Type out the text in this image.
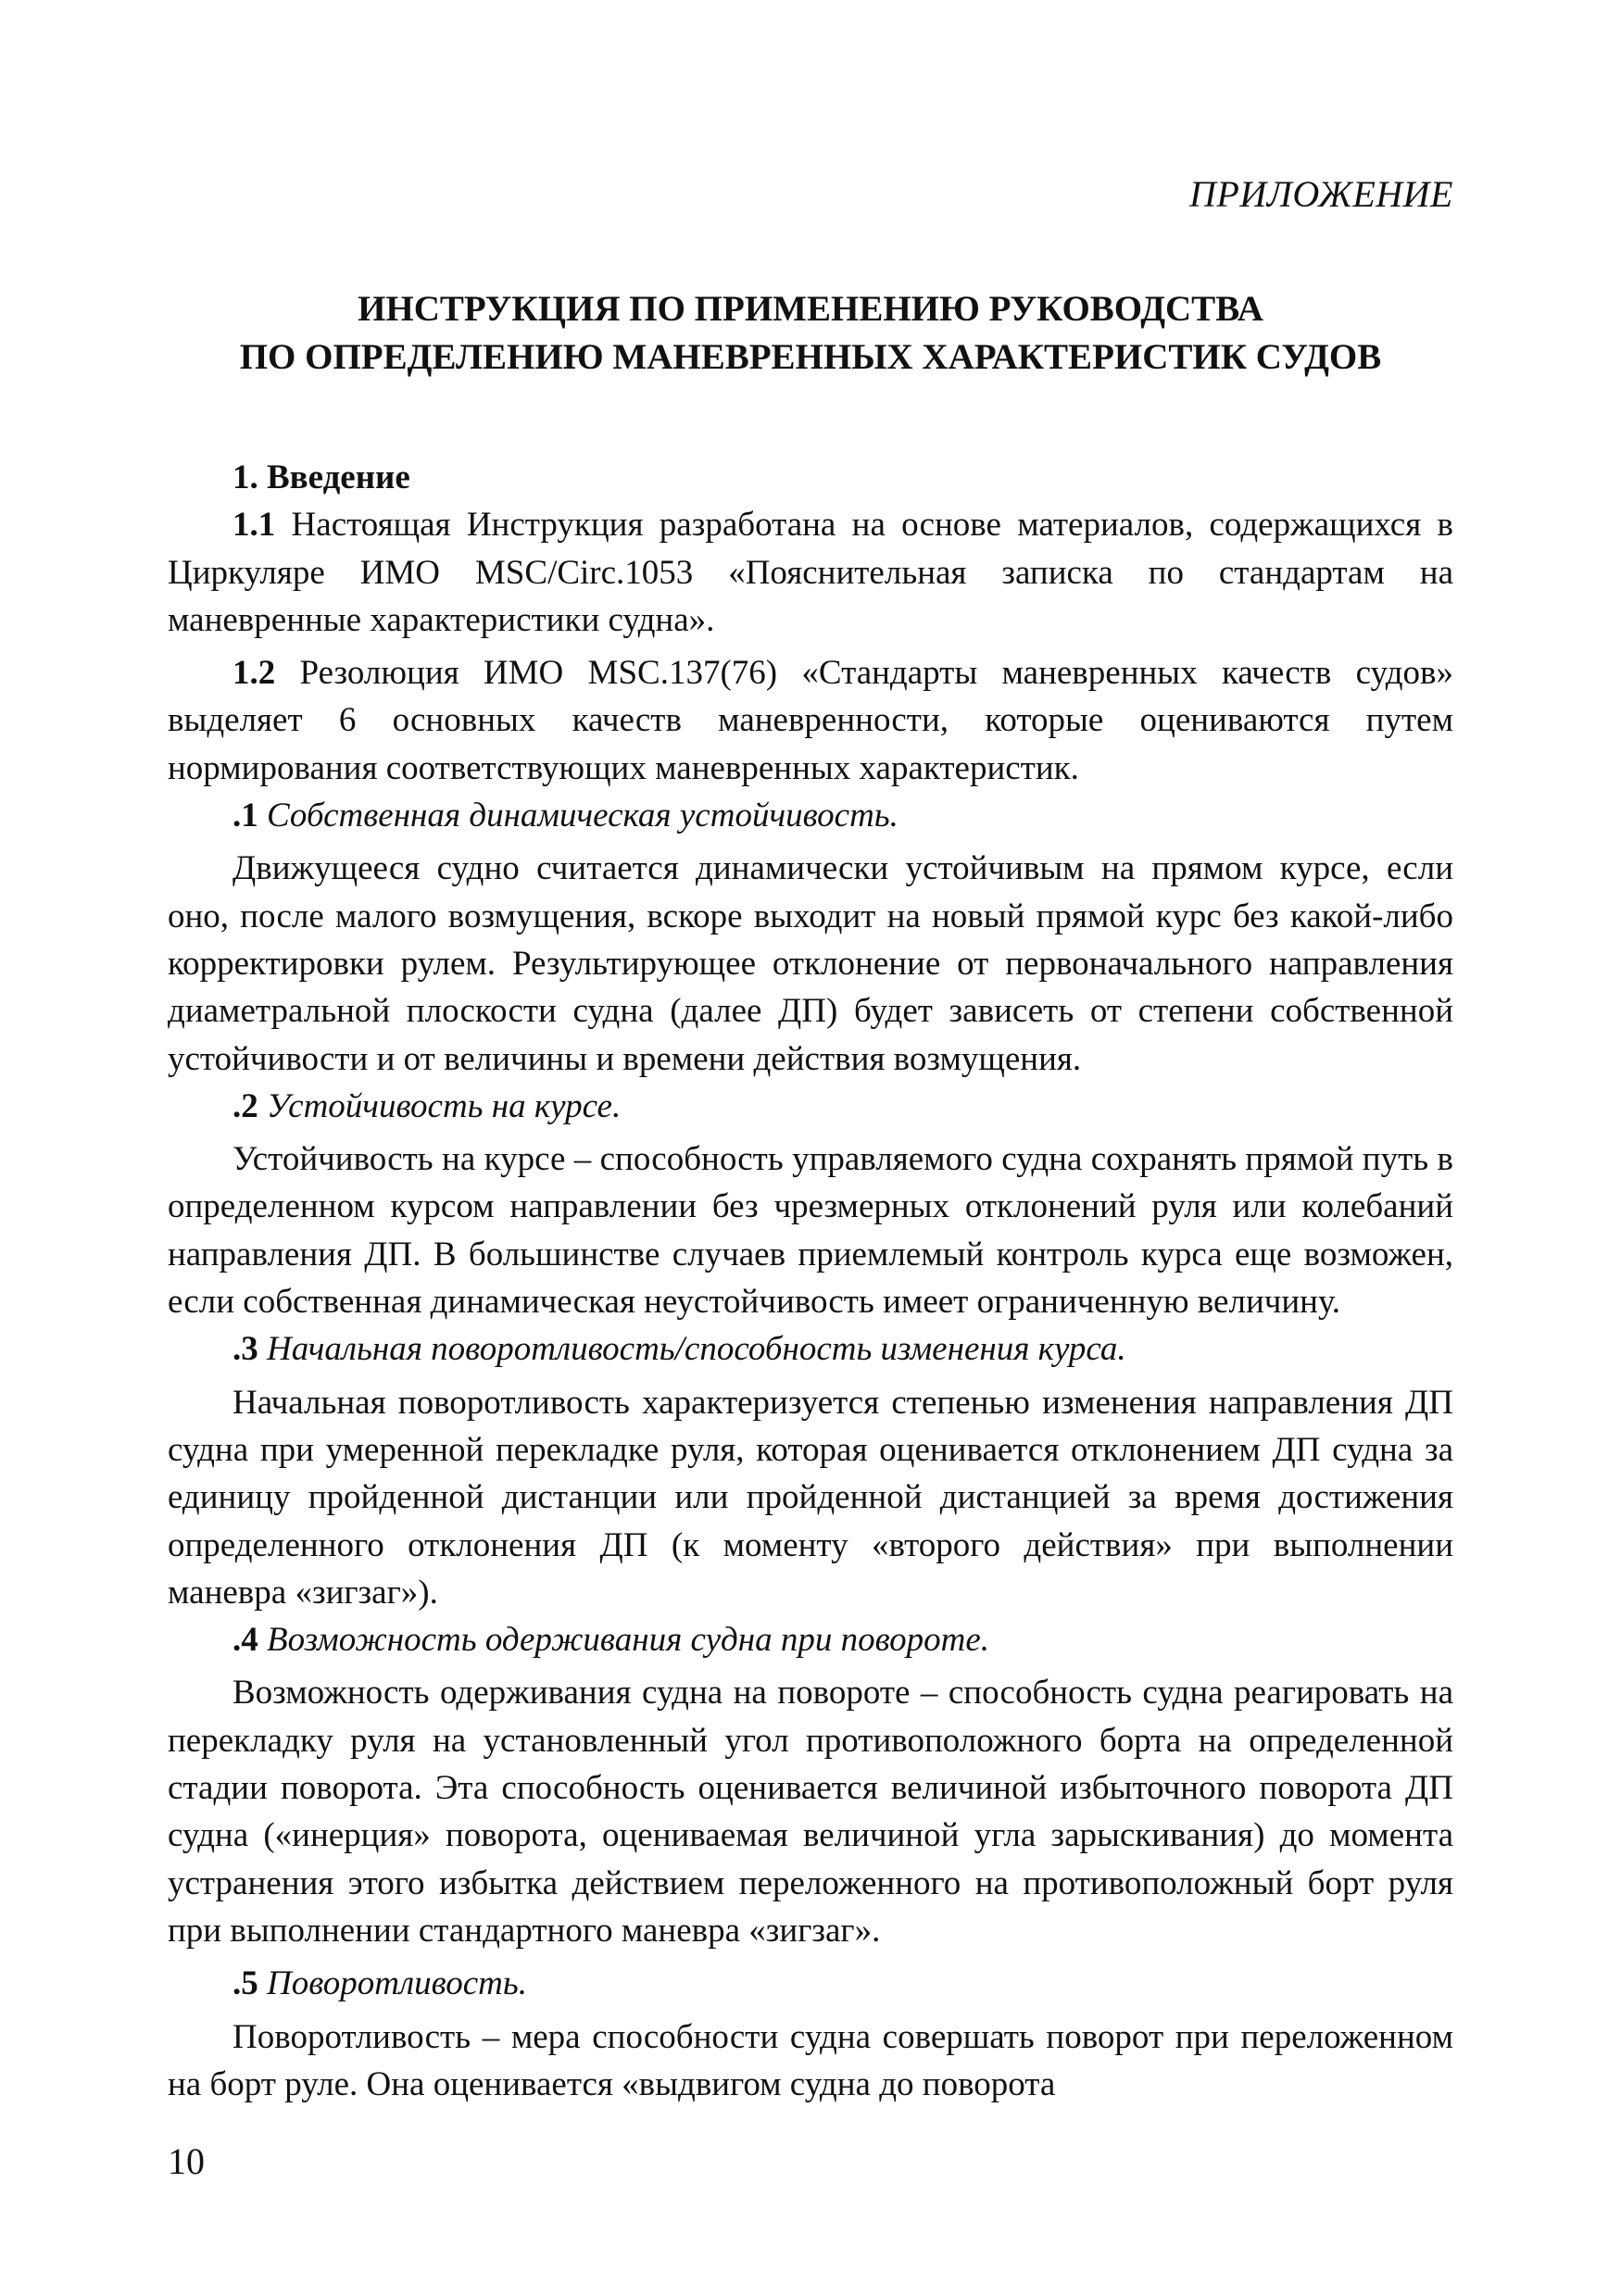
ПРИЛОЖЕНИЕ
ИНСТРУКЦИЯ ПО ПРИМЕНЕНИЮ РУКОВОДСТВА
ПО ОПРЕДЕЛЕНИЮ МАНЕВРЕННЫХ ХАРАКТЕРИСТИК СУДОВ

1. Введение

1.1 Настоящая Инструкция разработана на основе материалов, содержащихся в Циркуляре ИМО MSC/Circ.1053 «Пояснительная записка по стандартам на маневренные характеристики судна».

1.2 Резолюция ИМО MSC.137(76) «Стандарты маневренных качеств судов» выделяет 6 основных качеств маневренности, которые оцениваются путем нормирования соответствующих маневренных характеристик.

.1 Собственная динамическая устойчивость.

Движущееся судно считается динамически устойчивым на прямом курсе, если оно, после малого возмущения, вскоре выходит на новый прямой курс без какой-либо корректировки рулем. Результирующее отклонение от первоначального направления диаметральной плоскости судна (далее ДП) будет зависеть от степени собственной устойчивости и от величины и времени действия возмущения.

.2 Устойчивость на курсе.

Устойчивость на курсе – способность управляемого судна сохранять прямой путь в определенном курсом направлении без чрезмерных отклонений руля или колебаний направления ДП. В большинстве случаев приемлемый контроль курса еще возможен, если собственная динамическая неустойчивость имеет ограниченную величину.

.3 Начальная поворотливость/способность изменения курса.

Начальная поворотливость характеризуется степенью изменения направления ДП судна при умеренной перекладке руля, которая оценивается отклонением ДП судна за единицу пройденной дистанции или пройденной дистанцией за время достижения определенного отклонения ДП (к моменту «второго действия» при выполнении маневра «зигзаг»).

.4 Возможность одерживания судна при повороте.

Возможность одерживания судна на повороте – способность судна реагировать на перекладку руля на установленный угол противоположного борта на определенной стадии поворота. Эта способность оценивается величиной избыточного поворота ДП судна («инерция» поворота, оцениваемая величиной угла зарыскивания) до момента устранения этого избытка действием переложенного на противоположный борт руля при выполнении стандартного маневра «зигзаг».

.5 Поворотливость.

Поворотливость – мера способности судна совершать поворот при переложенном на борт руле. Она оценивается «выдвигом судна до поворота

10
